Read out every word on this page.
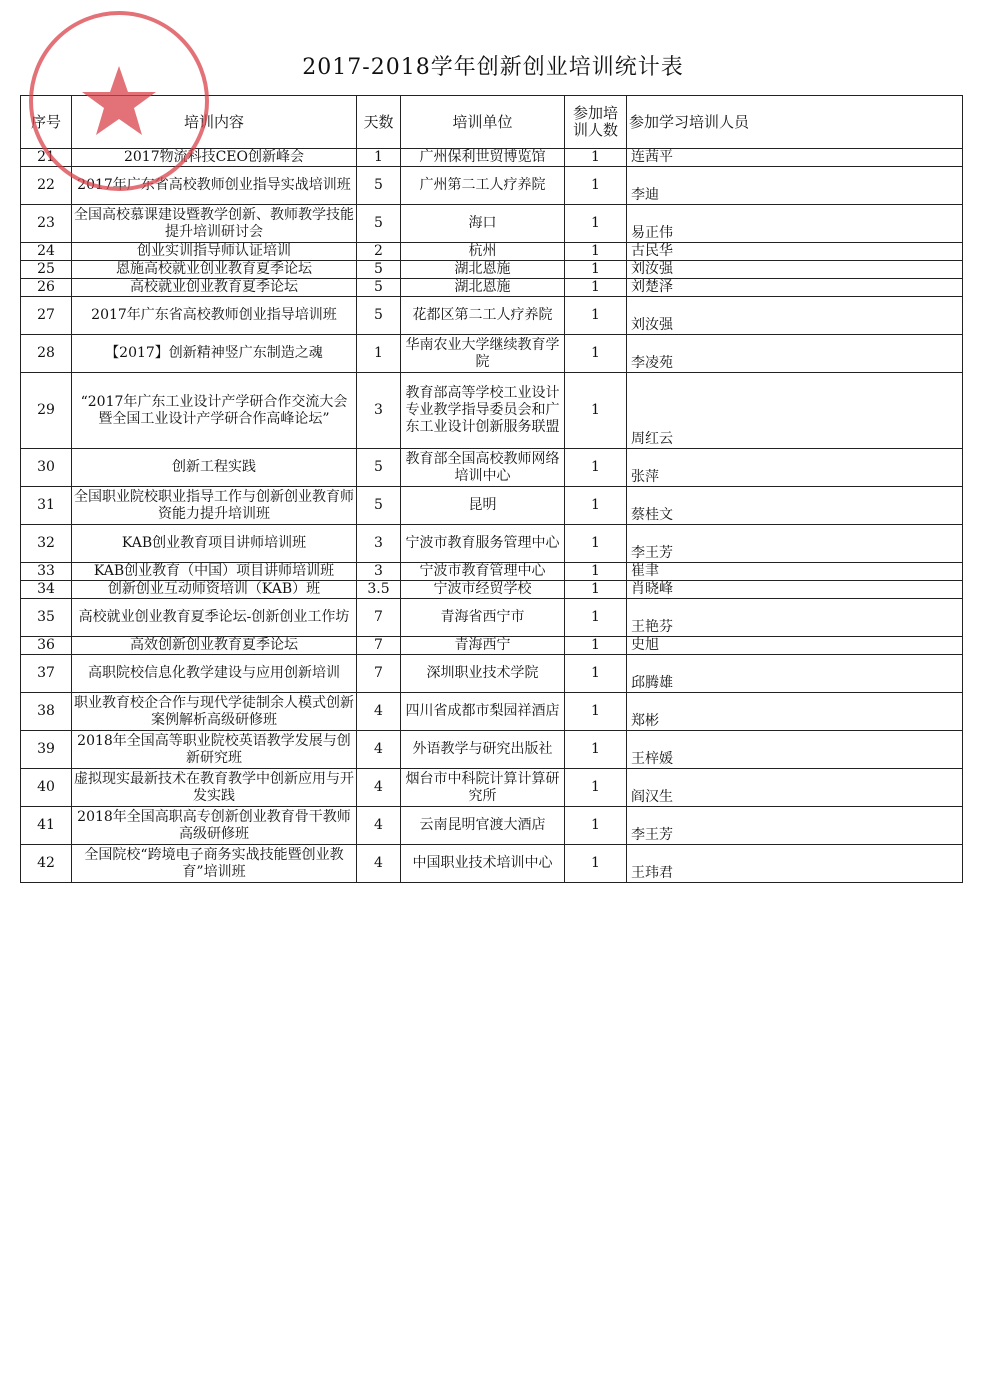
2017-2018学年创新创业培训统计表
序号	培训内容	天数	培训单位	参加培训人数	参加学习培训人员
21	2017物流科技CEO创新峰会	1	广州保利世贸博览馆	1	连茜平
22	2017年广东省高校教师创业指导实战培训班	5	广州第二工人疗养院	1	李迪
23	全国高校慕课建设暨教学创新、教师教学技能提升培训研讨会	5	海口	1	易正伟
24	创业实训指导师认证培训	2	杭州	1	古民华
25	恩施高校就业创业教育夏季论坛	5	湖北恩施	1	刘汝强
26	高校就业创业教育夏季论坛	5	湖北恩施	1	刘楚泽
27	2017年广东省高校教师创业指导培训班	5	花都区第二工人疗养院	1	刘汝强
28	【2017】创新精神竖广东制造之魂	1	华南农业大学继续教育学院	1	李凌苑
29	“2017年广东工业设计产学研合作交流大会暨全国工业设计产学研合作高峰论坛”	3	教育部高等学校工业设计专业教学指导委员会和广东工业设计创新服务联盟	1	周红云
30	创新工程实践	5	教育部全国高校教师网络培训中心	1	张萍
31	全国职业院校职业指导工作与创新创业教育师资能力提升培训班	5	昆明	1	蔡桂文
32	KAB创业教育项目讲师培训班	3	宁波市教育服务管理中心	1	李王芳
33	KAB创业教育（中国）项目讲师培训班	3	宁波市教育管理中心	1	崔聿
34	创新创业互动师资培训（KAB）班	3.5	宁波市经贸学校	1	肖晓峰
35	高校就业创业教育夏季论坛-创新创业工作坊	7	青海省西宁市	1	王艳芬
36	高效创新创业教育夏季论坛	7	青海西宁	1	史旭
37	高职院校信息化教学建设与应用创新培训	7	深圳职业技术学院	1	邱腾雄
38	职业教育校企合作与现代学徒制余人模式创新案例解析高级研修班	4	四川省成都市梨园祥酒店	1	郑彬
39	2018年全国高等职业院校英语教学发展与创新研究班	4	外语教学与研究出版社	1	王梓媛
40	虚拟现实最新技术在教育教学中创新应用与开发实践	4	烟台市中科院计算计算研究所	1	阎汉生
41	2018年全国高职高专创新创业教育骨干教师高级研修班	4	云南昆明官渡大酒店	1	李王芳
42	全国院校“跨境电子商务实战技能暨创业教育”培训班	4	中国职业技术培训中心	1	王玮君
